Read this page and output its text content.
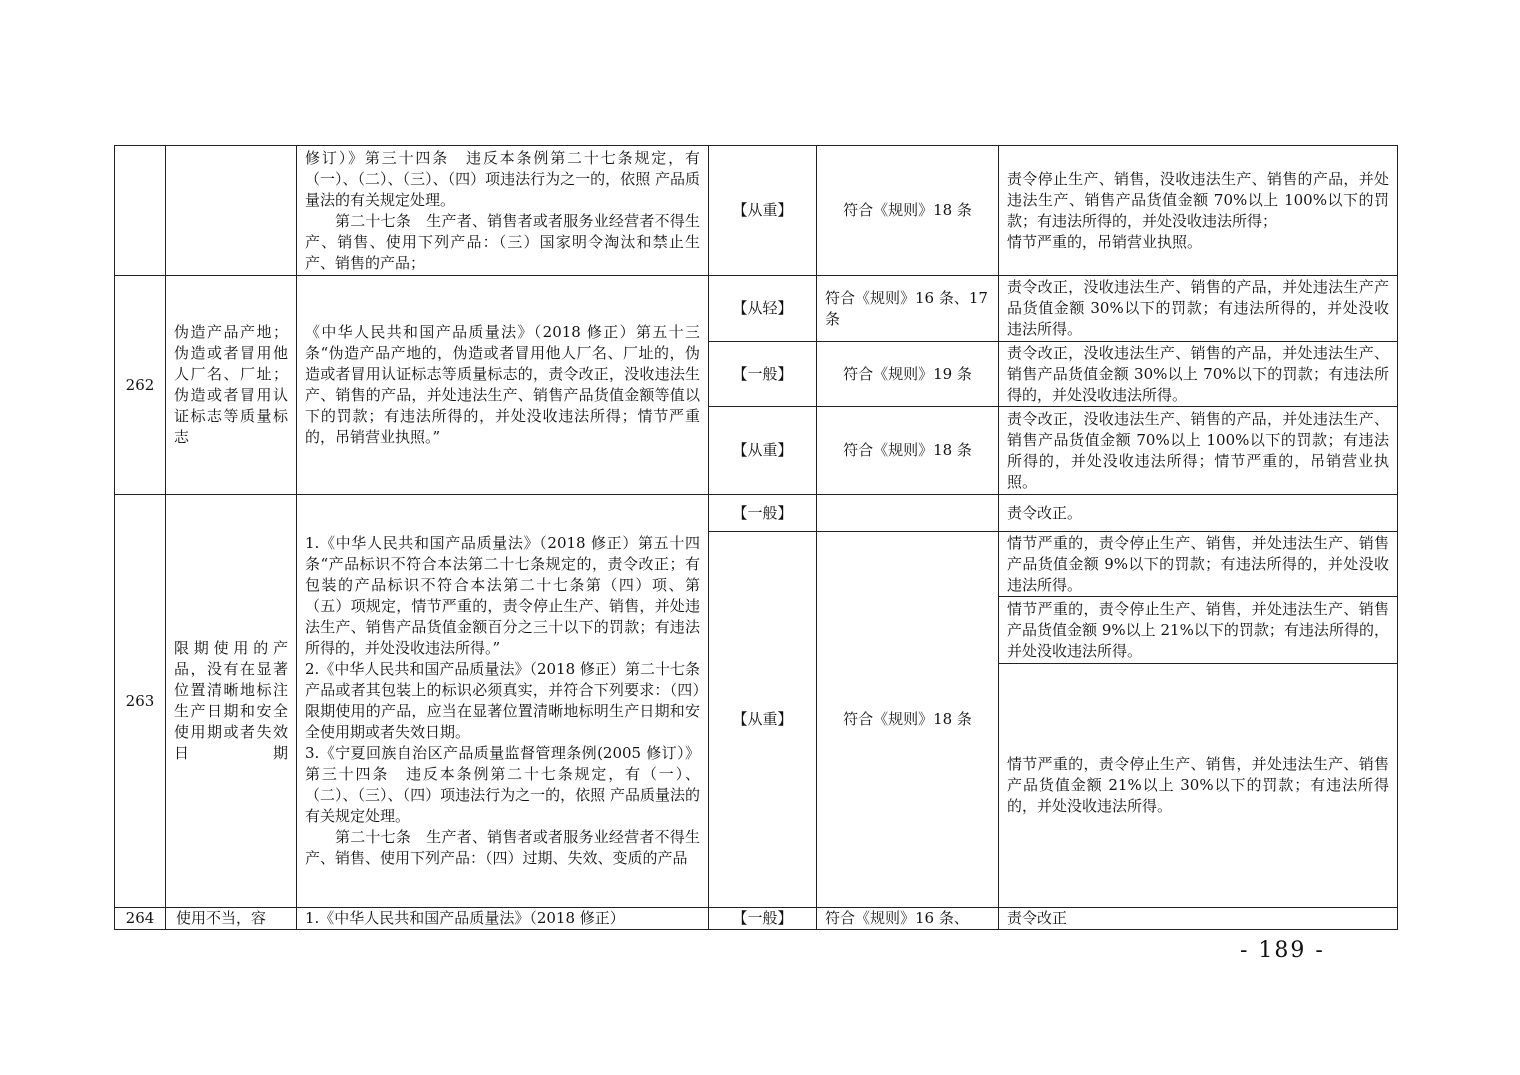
		修订）》第三十四条　违反本条例第二十七条规定，有（一）、（二）、（三）、（四）项违法行为之一的，依照 产品质量法的有关规定处理。
第二十七条　生产者、销售者或者服务业经营者不得生产、销售、使用下列产品：（三）国家明令淘汰和禁止生产、销售的产品；	【从重】	符合《规则》18 条	责令停止生产、销售，没收违法生产、销售的产品，并处违法生产、销售产品货值金额 70%以上 100%以下的罚款；有违法所得的，并处没收违法所得；
情节严重的，吊销营业执照。
262	伪造产品产地；伪造或者冒用他人厂名、厂址；伪造或者冒用认证标志等质量标志	《中华人民共和国产品质量法》（2018 修正）第五十三条“伪造产品产地的，伪造或者冒用他人厂名、厂址的，伪造或者冒用认证标志等质量标志的，责令改正，没收违法生产、销售的产品，并处违法生产、销售产品货值金额等值以下的罚款；有违法所得的，并处没收违法所得；情节严重的，吊销营业执照。”	【从轻】	符合《规则》16 条、17 条	责令改正，没收违法生产、销售的产品，并处违法生产产品货值金额 30%以下的罚款；有违法所得的，并处没收违法所得。
			【一般】	符合《规则》19 条	责令改正，没收违法生产、销售的产品，并处违法生产、销售产品货值金额 30%以上 70%以下的罚款；有违法所得的，并处没收违法所得。
			【从重】	符合《规则》18 条	责令改正，没收违法生产、销售的产品，并处违法生产、销售产品货值金额 70%以上 100%以下的罚款；有违法所得的，并处没收违法所得；情节严重的，吊销营业执照。
263	限期使用的产品，没有在显著位置清晰地标注生产日期和安全使用期或者失效日期	1.《中华人民共和国产品质量法》（2018 修正）第五十四条“产品标识不符合本法第二十七条规定的，责令改正；有包装的产品标识不符合本法第二十七条第（四）项、第（五）项规定，情节严重的，责令停止生产、销售，并处违法生产、销售产品货值金额百分之三十以下的罚款；有违法所得的，并处没收违法所得。”
2.《中华人民共和国产品质量法》（2018 修正）第二十七条　产品或者其包装上的标识必须真实，并符合下列要求：（四）限期使用的产品，应当在显著位置清晰地标明生产日期和安全使用期或者失效日期。
3.《宁夏回族自治区产品质量监督管理条例(2005 修订）》第三十四条　违反本条例第二十七条规定，有（一）、（二）、（三）、（四）项违法行为之一的，依照 产品质量法的有关规定处理。
第二十七条　生产者、销售者或者服务业经营者不得生产、销售、使用下列产品：（四）过期、失效、变质的产品	【一般】		责令改正。
			【从重】	符合《规则》18 条	情节严重的，责令停止生产、销售，并处违法生产、销售产品货值金额 9%以下的罚款；有违法所得的，并处没收违法所得。
					情节严重的，责令停止生产、销售，并处违法生产、销售产品货值金额 9%以上 21%以下的罚款；有违法所得的，并处没收违法所得。
					情节严重的，责令停止生产、销售，并处违法生产、销售产品货值金额 21%以上 30%以下的罚款；有违法所得的，并处没收违法所得。
264	使用不当，容	1.《中华人民共和国产品质量法》（2018 修正）	【一般】	符合《规则》16 条、	责令改正
- 189 -
